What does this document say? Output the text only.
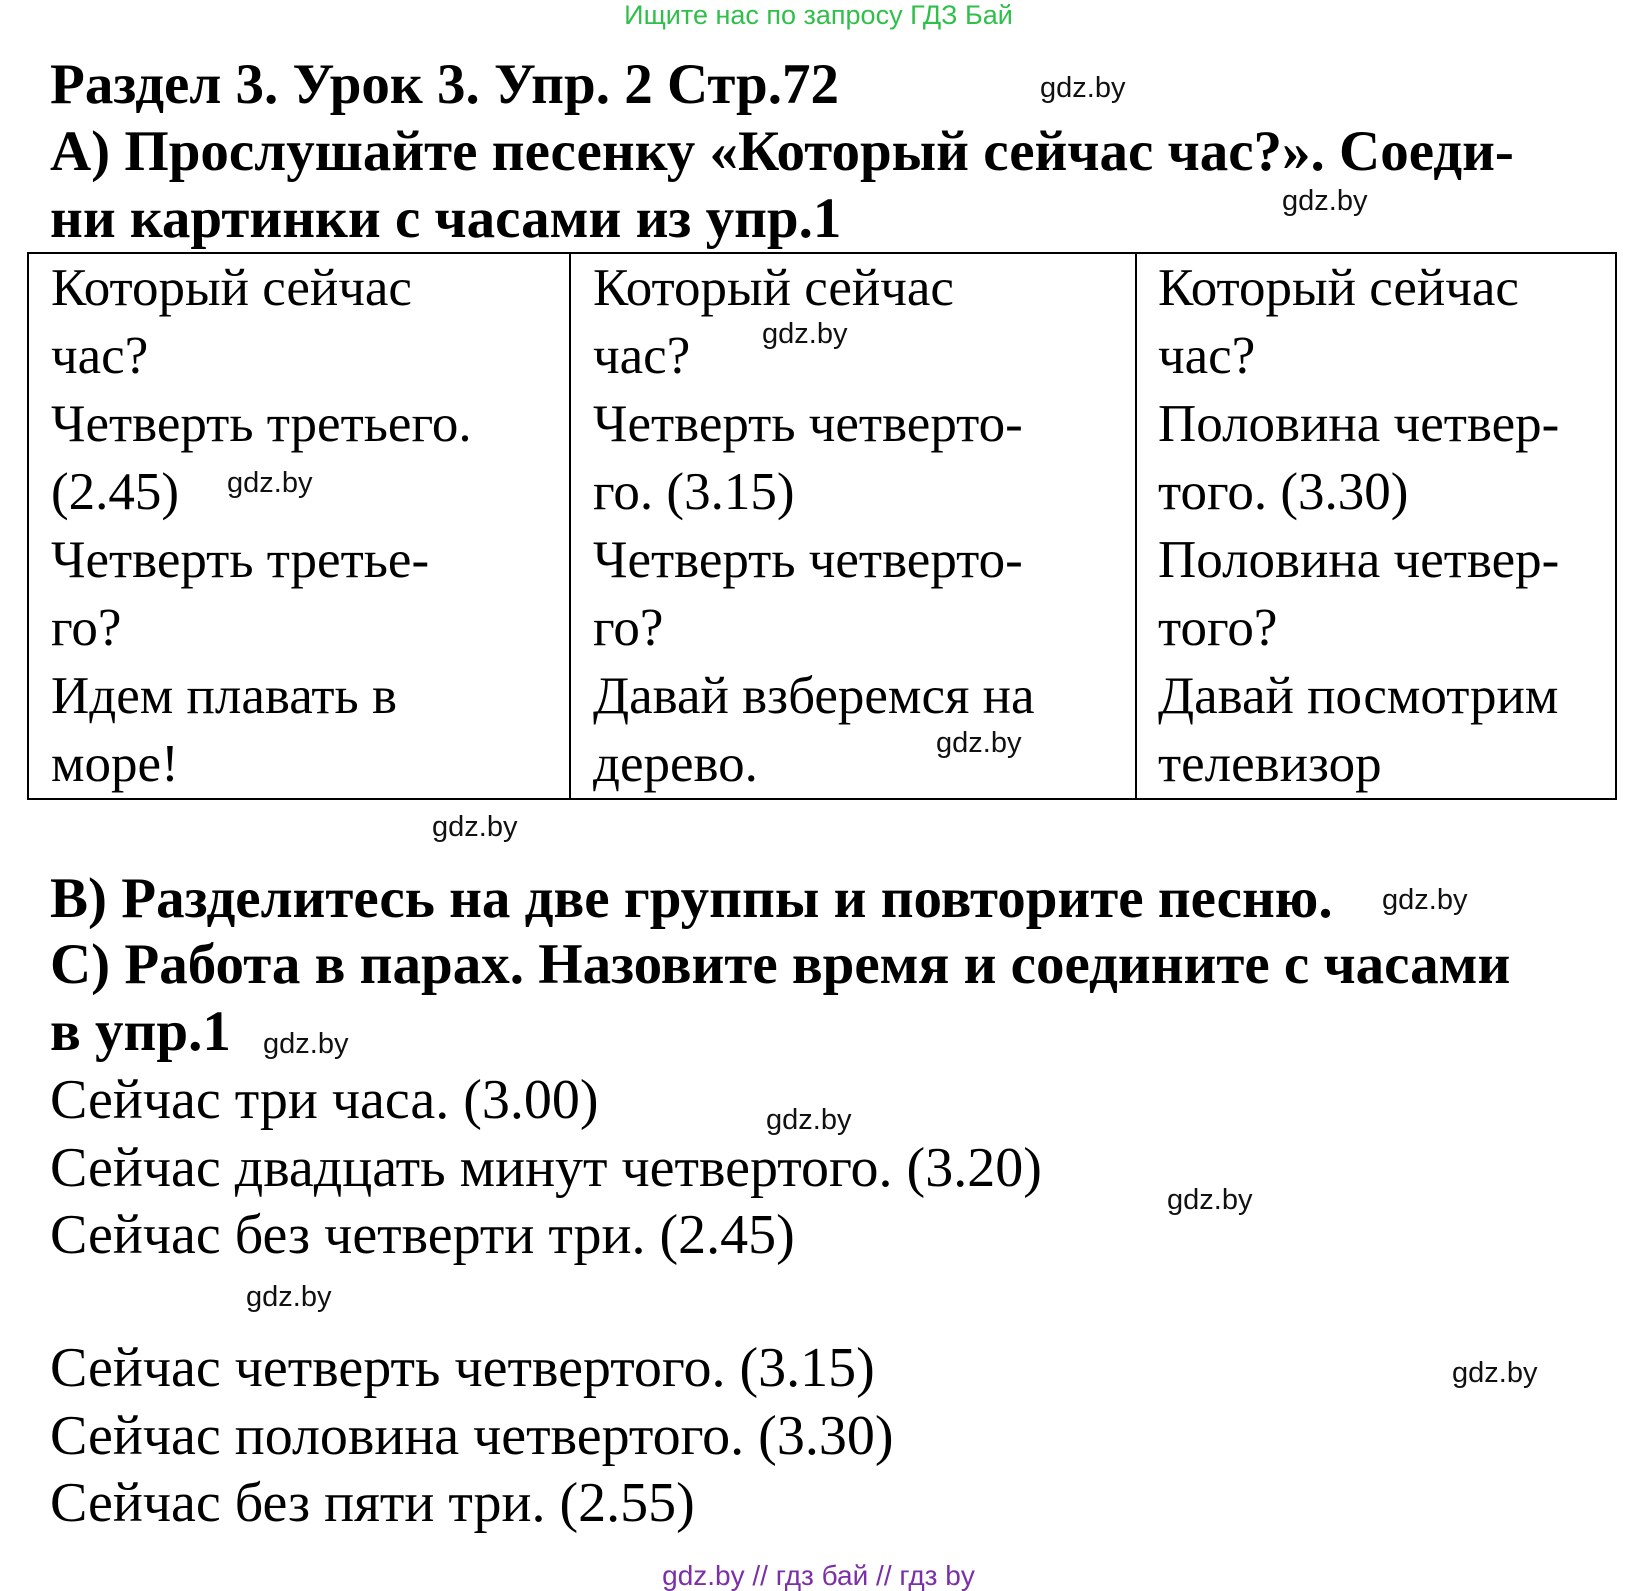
Ищите нас по запросу ГДЗ Бай
Раздел 3. Урок 3. Упр. 2 Стр.72	gdz.by
А) Прослушайте песенку «Который сейчас час?». Соеди-
gdz.by
ни картинки с часами из упр.1
Который сейчас
час?
Четверть третьего.
(2.45)
Четверть третье-
го?
Идем плавать в
море!

Который сейчас
час?
Четверть четверто-
го. (3.15)
Четверть четверто-
го?
Давай взберемся на
дерево.

Который сейчас
час?
Половина четвер-
того. (3.30)
Половина четвер-
того?
Давай посмотрим
телевизор
gdz.by
gdz.by
gdz.by
gdz.by
В) Разделитесь на две группы и повторите песню. gdz.by
С) Работа в парах. Назовите время и соедините с часами
в упр.1 gdz.by
Сейчас три часа. (3.00)	gdz.by
Сейчас двадцать минут четвертого. (3.20)
gdz.by
Сейчас без четверти три. (2.45)
gdz.by
Сейчас четверть четвертого. (3.15)	gdz.by
Сейчас половина четвертого. (3.30)
Сейчас без пяти три. (2.55)
gdz.by // гдз бай // гдз by
